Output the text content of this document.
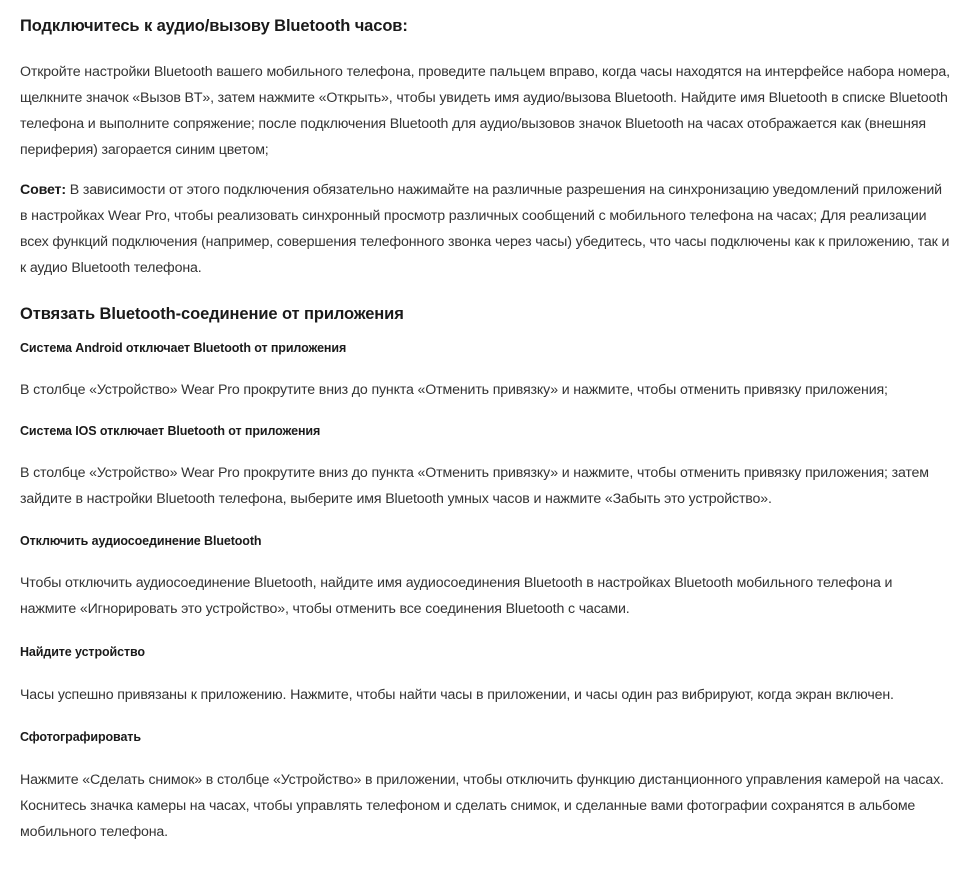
Подключитесь к аудио/вызову Bluetooth часов:

Откройте настройки Bluetooth вашего мобильного телефона, проведите пальцем вправо, когда часы находятся на интерфейсе набора номера, щелкните значок «Вызов BT», затем нажмите «Открыть», чтобы увидеть имя аудио/вызова Bluetooth. Найдите имя Bluetooth в списке Bluetooth телефона и выполните сопряжение; после подключения Bluetooth для аудио/вызовов значок Bluetooth на часах отображается как (внешняя периферия) загорается синим цветом;

Совет: В зависимости от этого подключения обязательно нажимайте на различные разрешения на синхронизацию уведомлений приложений в настройках Wear Pro, чтобы реализовать синхронный просмотр различных сообщений с мобильного телефона на часах; Для реализации всех функций подключения (например, совершения телефонного звонка через часы) убедитесь, что часы подключены как к приложению, так и к аудио Bluetooth телефона.

Отвязать Bluetooth-соединение от приложения
Система Android отключает Bluetooth от приложения

В столбце «Устройство» Wear Pro прокрутите вниз до пункта «Отменить привязку» и нажмите, чтобы отменить привязку приложения;

Система IOS отключает Bluetooth от приложения

В столбце «Устройство» Wear Pro прокрутите вниз до пункта «Отменить привязку» и нажмите, чтобы отменить привязку приложения; затем зайдите в настройки Bluetooth телефона, выберите имя Bluetooth умных часов и нажмите «Забыть это устройство».

Отключить аудиосоединение Bluetooth

Чтобы отключить аудиосоединение Bluetooth, найдите имя аудиосоединения Bluetooth в настройках Bluetooth мобильного телефона и нажмите «Игнорировать это устройство», чтобы отменить все соединения Bluetooth с часами.

Найдите устройство

Часы успешно привязаны к приложению. Нажмите, чтобы найти часы в приложении, и часы один раз вибрируют, когда экран включен.

Сфотографировать

Нажмите «Сделать снимок» в столбце «Устройство» в приложении, чтобы отключить функцию дистанционного управления камерой на часах. Коснитесь значка камеры на часах, чтобы управлять телефоном и сделать снимок, и сделанные вами фотографии сохранятся в альбоме мобильного телефона.
